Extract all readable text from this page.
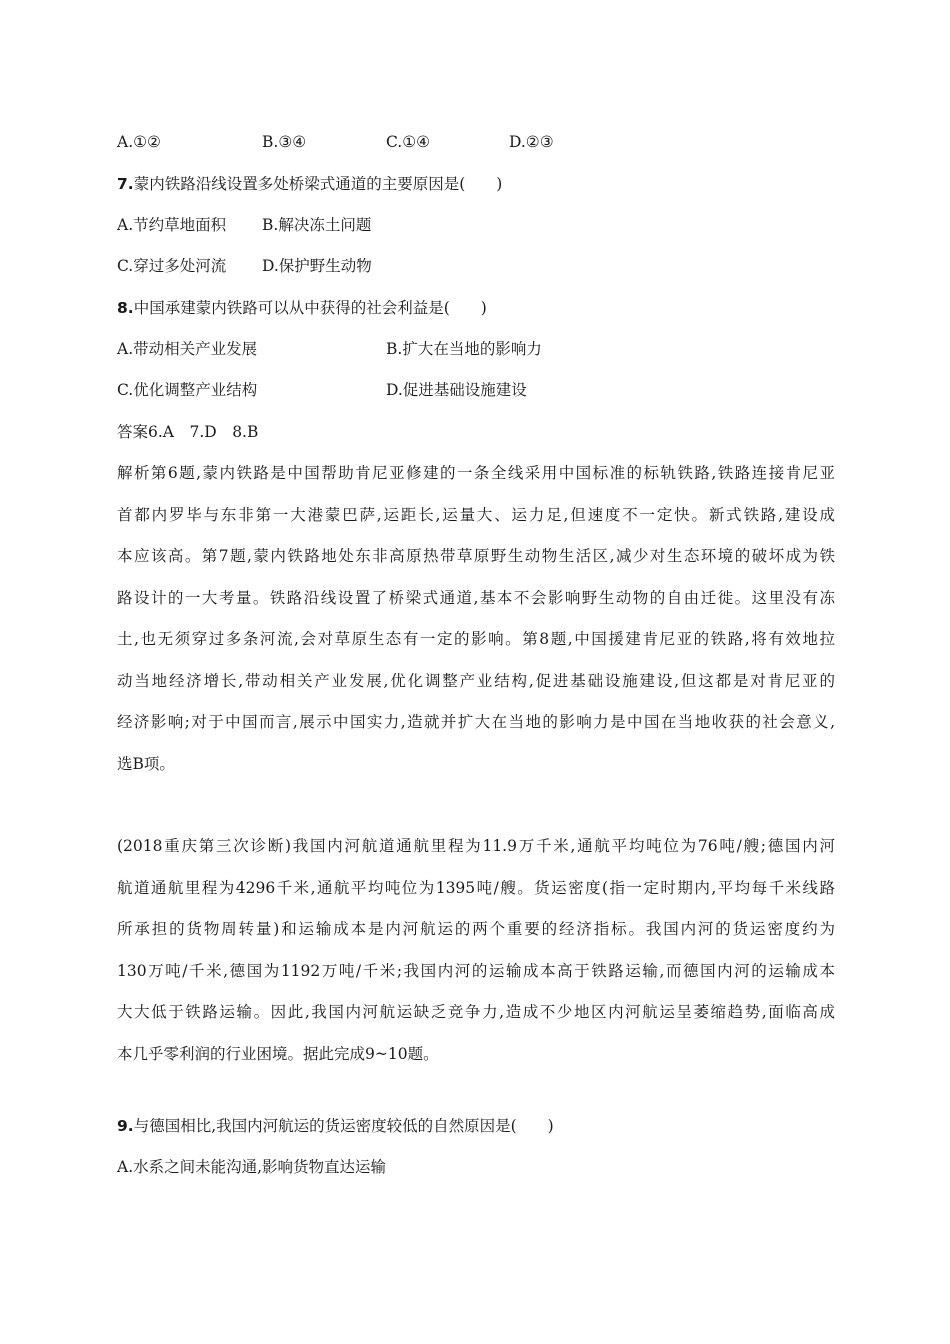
A.①②	B.③④	C.①④	D.②③
7.蒙内铁路沿线设置多处桥梁式通道的主要原因是(　　)
A.节约草地面积 B.解决冻土问题
C.穿过多处河流 D.保护野生动物
8.中国承建蒙内铁路可以从中获得的社会利益是(　　)
A.带动相关产业发展	B.扩大在当地的影响力
C.优化调整产业结构	D.促进基础设施建设
答案6.A　7.D　8.B
解析第6题,蒙内铁路是中国帮助肯尼亚修建的一条全线采用中国标准的标轨铁路,铁路连接肯尼亚
首都内罗毕与东非第一大港蒙巴萨,运距长,运量大、运力足,但速度不一定快。新式铁路,建设成
本应该高。第7题,蒙内铁路地处东非高原热带草原野生动物生活区,减少对生态环境的破坏成为铁
路设计的一大考量。铁路沿线设置了桥梁式通道,基本不会影响野生动物的自由迁徙。这里没有冻
土,也无须穿过多条河流,会对草原生态有一定的影响。第8题,中国援建肯尼亚的铁路,将有效地拉
动当地经济增长,带动相关产业发展,优化调整产业结构,促进基础设施建设,但这都是对肯尼亚的
经济影响;对于中国而言,展示中国实力,造就并扩大在当地的影响力是中国在当地收获的社会意义,
选B项。
(2018重庆第三次诊断)我国内河航道通航里程为11.9万千米,通航平均吨位为76吨/艘;德国内河
航道通航里程为4296千米,通航平均吨位为1395吨/艘。货运密度(指一定时期内,平均每千米线路
所承担的货物周转量)和运输成本是内河航运的两个重要的经济指标。我国内河的货运密度约为
130万吨/千米,德国为1192万吨/千米;我国内河的运输成本高于铁路运输,而德国内河的运输成本
大大低于铁路运输。因此,我国内河航运缺乏竞争力,造成不少地区内河航运呈萎缩趋势,面临高成
本几乎零利润的行业困境。据此完成9~10题。
9.与德国相比,我国内河航运的货运密度较低的自然原因是(　　)
A.水系之间未能沟通,影响货物直达运输
